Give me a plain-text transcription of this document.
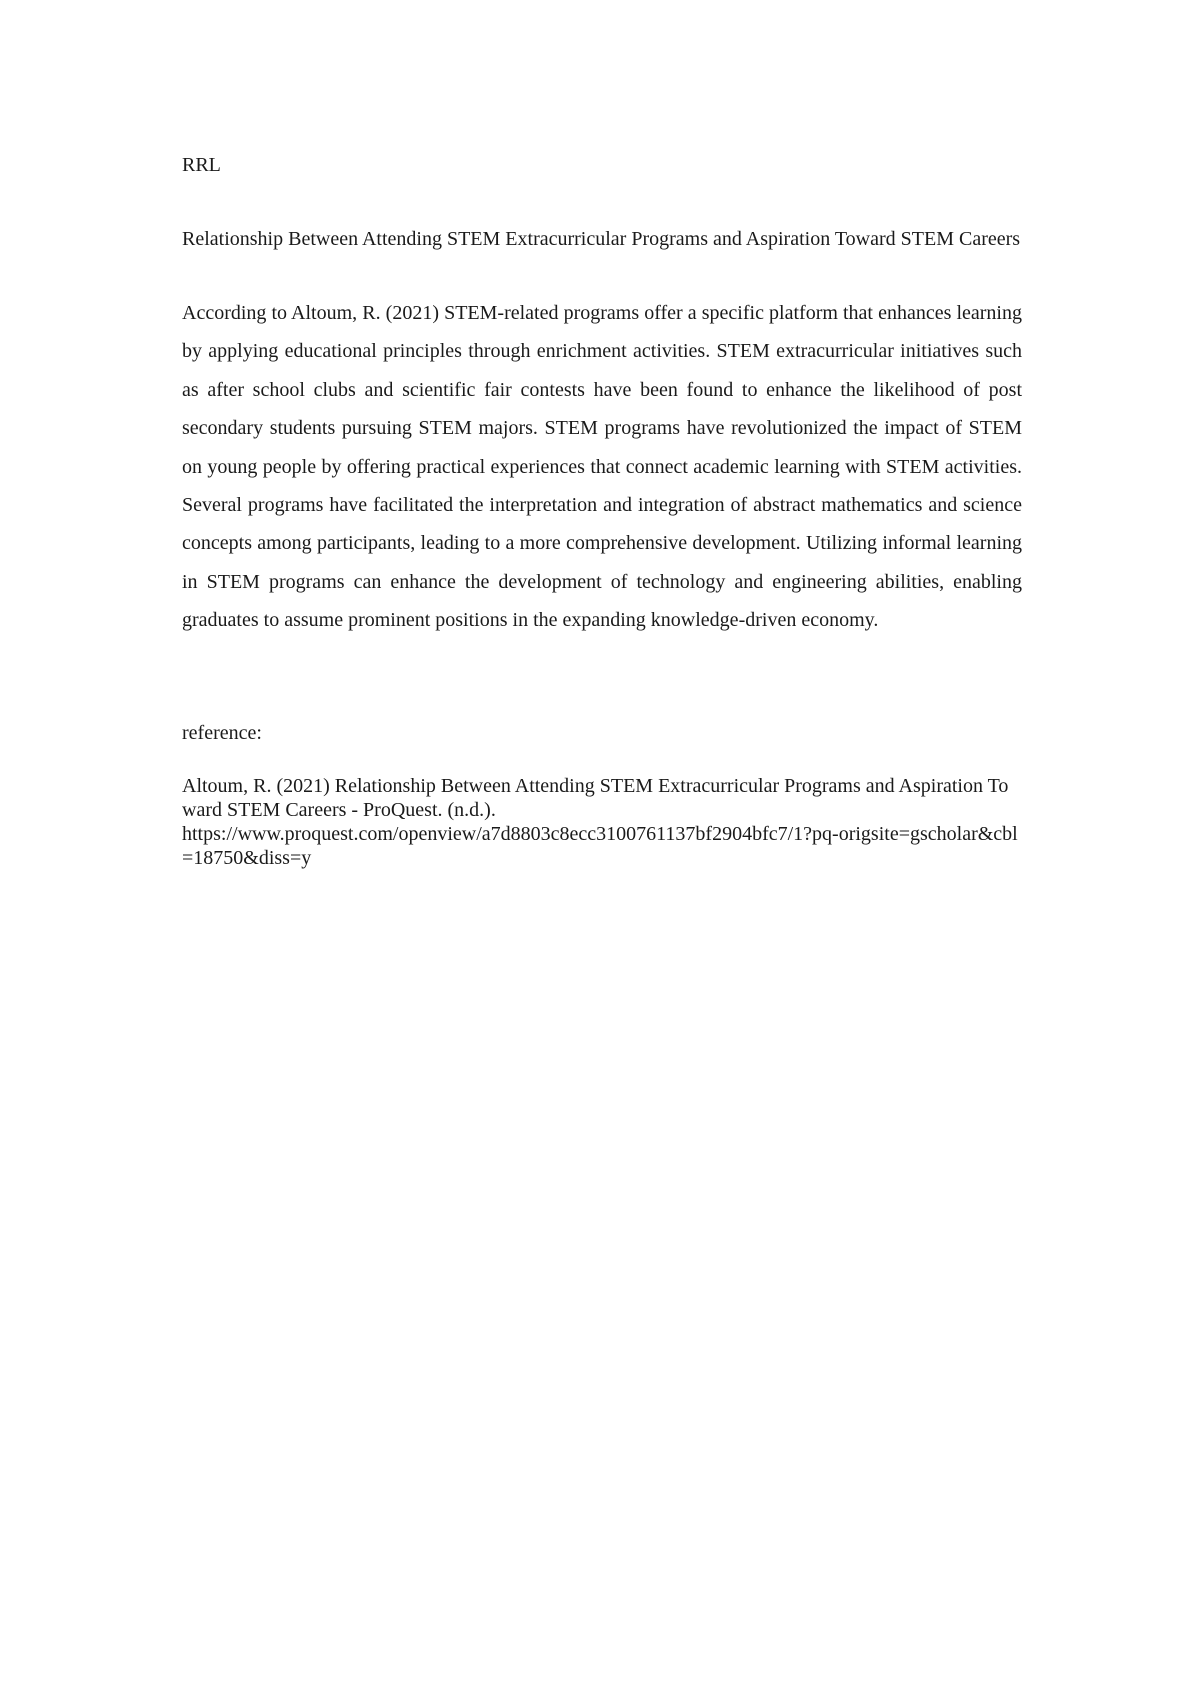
RRL

Relationship Between Attending STEM Extracurricular Programs and Aspiration Toward STEM Careers

According to Altoum, R. (2021) STEM-related programs offer a specific platform that enhances learning by applying educational principles through enrichment activities. STEM extracurricular initiatives such as after school clubs and scientific fair contests have been found to enhance the likelihood of post secondary students pursuing STEM majors. STEM programs have revolutionized the impact of STEM on young people by offering practical experiences that connect academic learning with STEM activities. Several programs have facilitated the interpretation and integration of abstract mathematics and science concepts among participants, leading to a more comprehensive development. Utilizing informal learning in STEM programs can enhance the development of technology and engineering abilities, enabling graduates to assume prominent positions in the expanding knowledge-driven economy.

reference:

Altoum, R. (2021) Relationship Between Attending STEM Extracurricular Programs and Aspiration Toward STEM Careers - ProQuest. (n.d.).
https://www.proquest.com/openview/a7d8803c8ecc3100761137bf2904bfc7/1?pq-origsite=gscholar&cbl=18750&diss=y
